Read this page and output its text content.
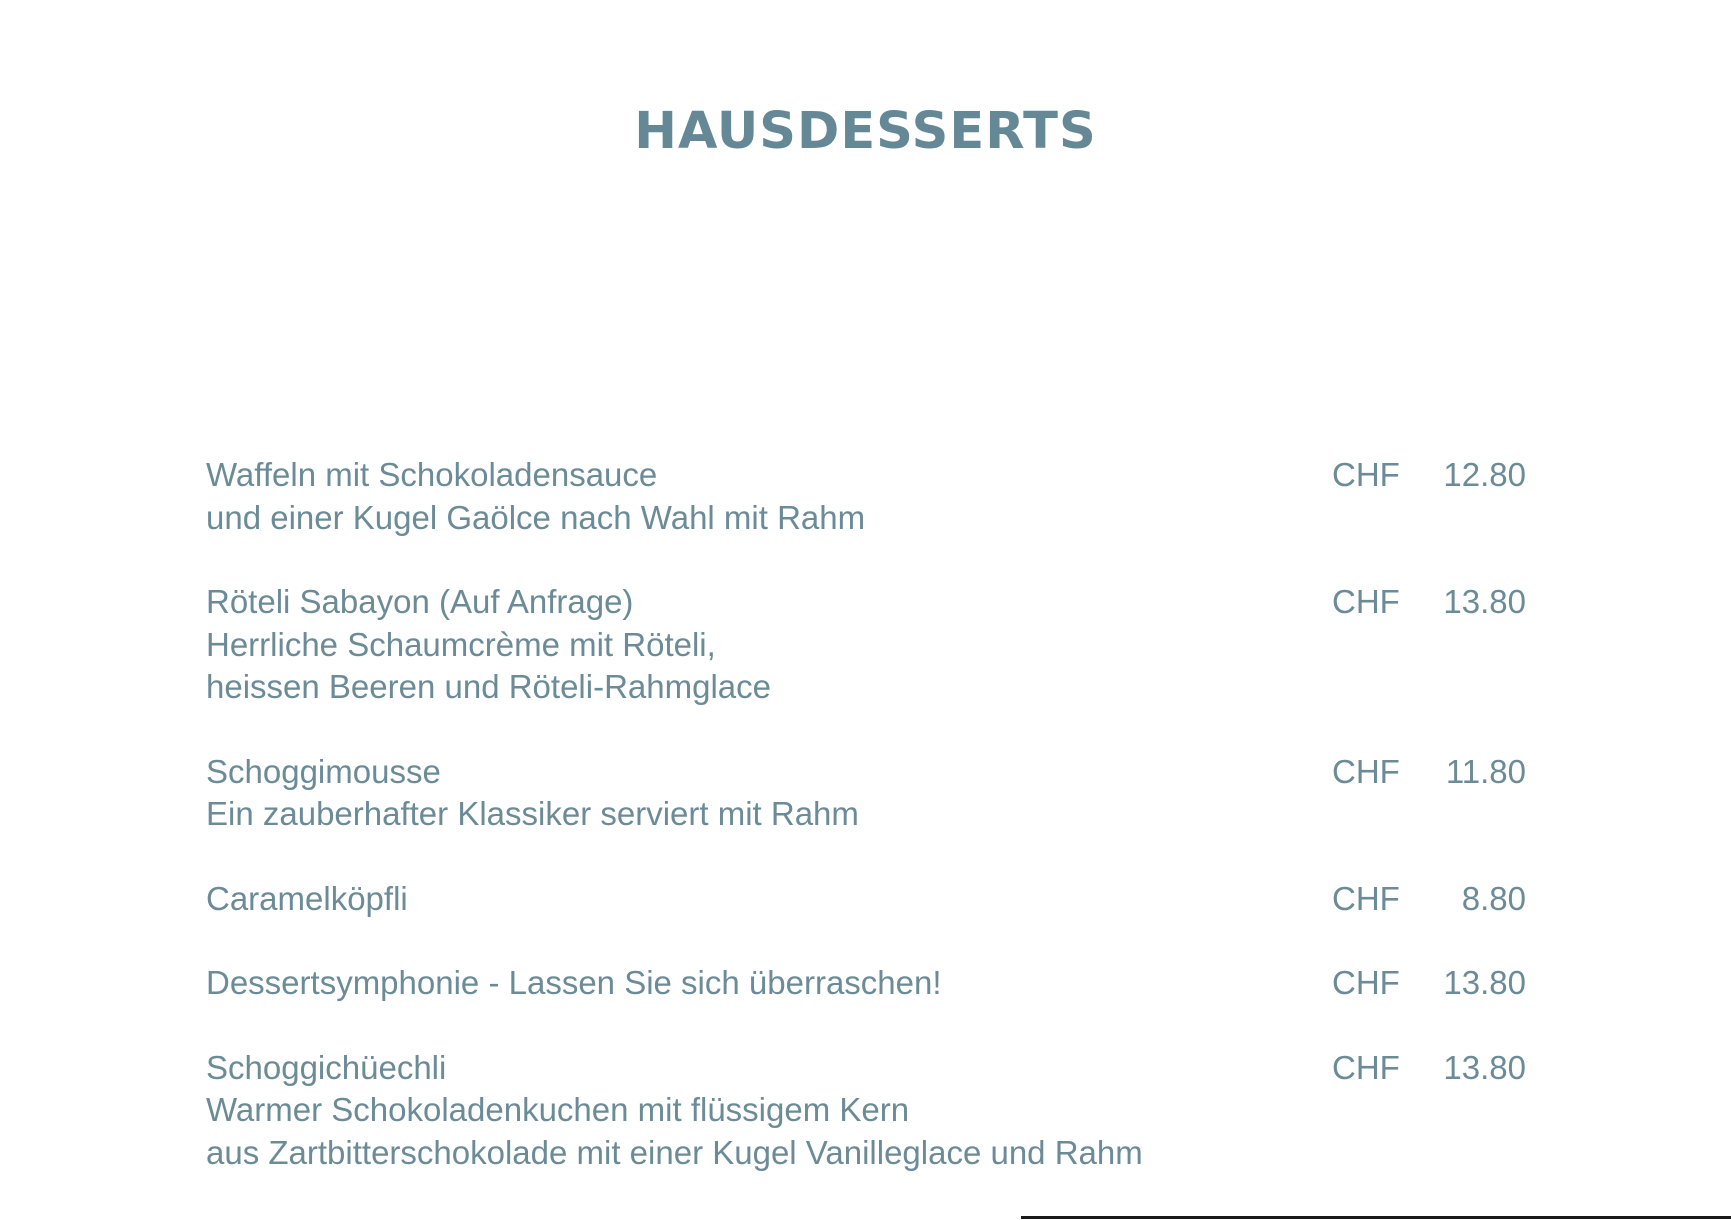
HAUSDESSERTS
Waffeln mit Schokoladensauce
und einer Kugel Gaölce nach Wahl mit Rahm
CHF 12.80
Röteli Sabayon (Auf Anfrage)
Herrliche Schaumcrème mit Röteli,
heissen Beeren und Röteli-Rahmglace
CHF 13.80
Schoggimousse
Ein zauberhafter Klassiker serviert mit Rahm
CHF 11.80
Caramelköpfli	CHF 8.80
Dessertsymphonie - Lassen Sie sich überraschen!	CHF 13.80
Schoggichüechli
Warmer Schokoladenkuchen mit flüssigem Kern
aus Zartbitterschokolade mit einer Kugel Vanilleglace und Rahm
CHF 13.80
